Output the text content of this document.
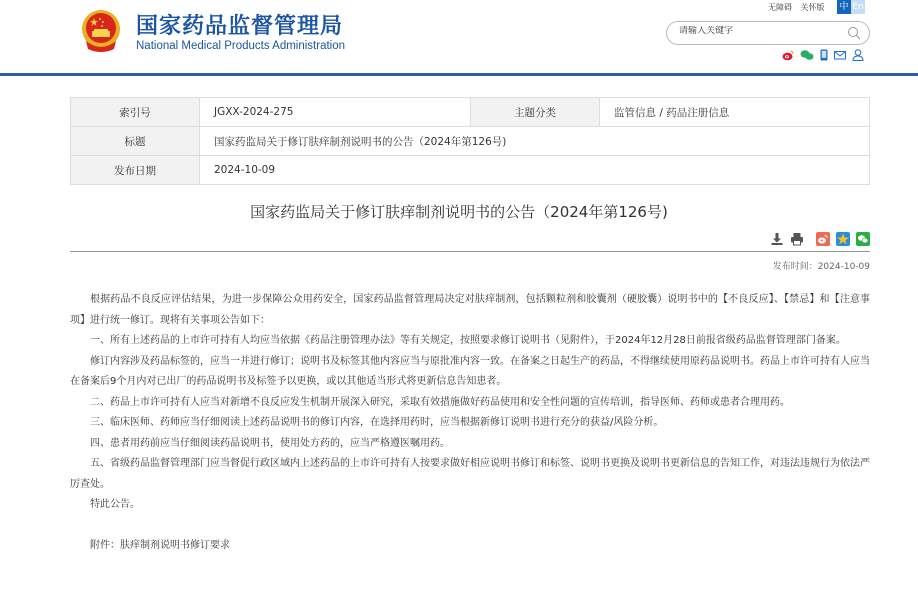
国家药品监督管理局
National Medical Products Administration
无障碍 关怀版	中 En
请输入关键字
索引号	JGXX-2024-275	主题分类	监管信息 / 药品注册信息
标题	国家药监局关于修订肤痒制剂说明书的公告（2024年第126号)		
发布日期	2024-10-09		
国家药监局关于修订肤痒制剂说明书的公告（2024年第126号)
发布时间：2024-10-09

根据药品不良反应评估结果，为进一步保障公众用药安全，国家药品监督管理局决定对肤痒制剂，包括颗粒剂和胶囊剂（硬胶囊）说明书中的【不良反应】、【禁忌】和【注意事项】进行统一修订。现将有关事项公告如下：

一、所有上述药品的上市许可持有人均应当依据《药品注册管理办法》等有关规定，按照要求修订说明书（见附件），于2024年12月28日前报省级药品监督管理部门备案。

修订内容涉及药品标签的，应当一并进行修订；说明书及标签其他内容应当与原批准内容一致。在备案之日起生产的药品，不得继续使用原药品说明书。药品上市许可持有人应当在备案后9个月内对已出厂的药品说明书及标签予以更换，或以其他适当形式将更新信息告知患者。

二、药品上市许可持有人应当对新增不良反应发生机制开展深入研究，采取有效措施做好药品使用和安全性问题的宣传培训，指导医师、药师或患者合理用药。

三、临床医师、药师应当仔细阅读上述药品说明书的修订内容，在选择用药时，应当根据新修订说明书进行充分的获益/风险分析。

四、患者用药前应当仔细阅读药品说明书，使用处方药的，应当严格遵医嘱用药。

五、省级药品监督管理部门应当督促行政区域内上述药品的上市许可持有人按要求做好相应说明书修订和标签、说明书更换及说明书更新信息的告知工作，对违法违规行为依法严厉查处。

特此公告。

附件：肤痒制剂说明书修订要求
